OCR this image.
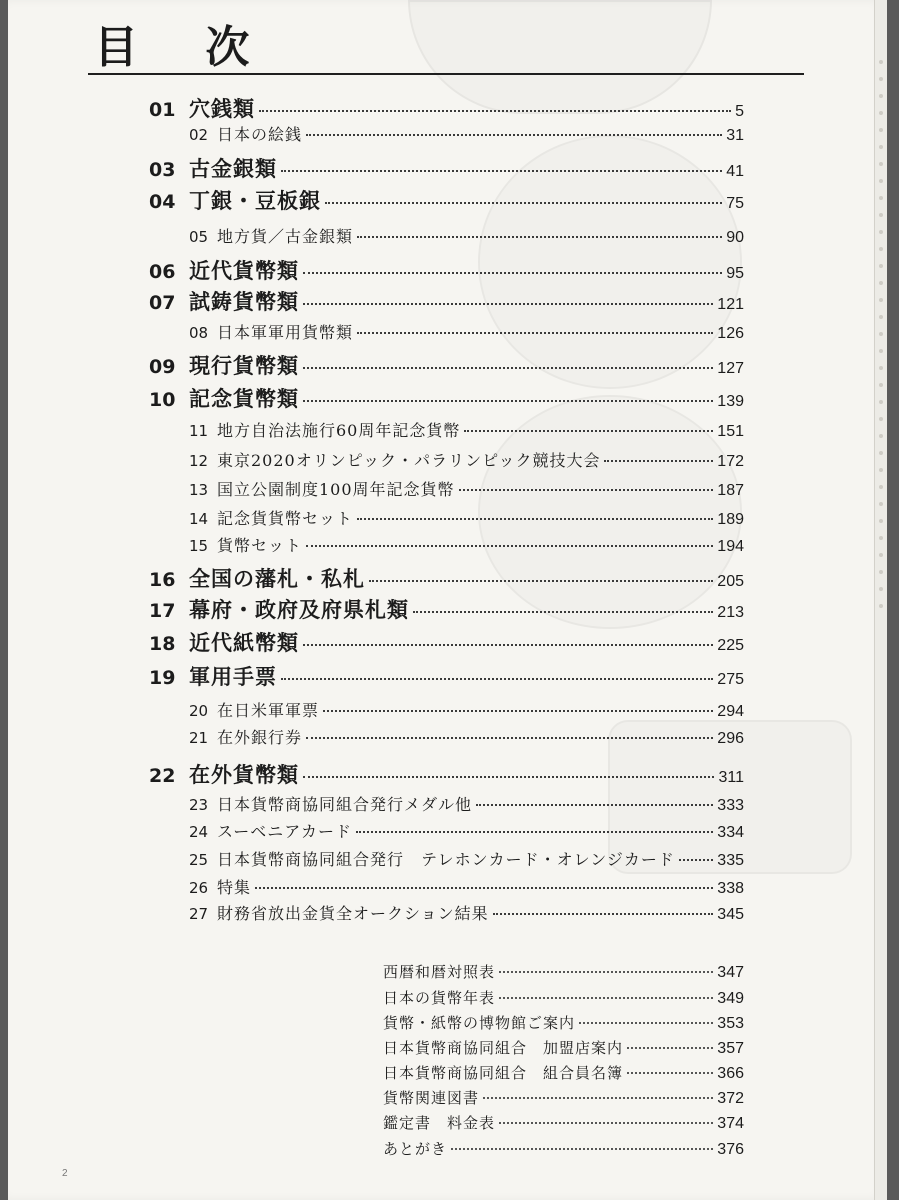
目 次
01 穴銭類	5
02 日本の絵銭	31
03 古金銀類	41
04 丁銀・豆板銀	75
05 地方貨／古金銀類	90
06 近代貨幣類	95
07 試鋳貨幣類	121
08 日本軍軍用貨幣類	126
09 現行貨幣類	127
10 記念貨幣類	139
11 地方自治法施行60周年記念貨幣	151
12 東京2020オリンピック・パラリンピック競技大会	172
13 国立公園制度100周年記念貨幣	187
14 記念貨貨幣セット	189
15 貨幣セット	194
16 全国の藩札・私札	205
17 幕府・政府及府県札類	213
18 近代紙幣類	225
19 軍用手票	275
20 在日米軍軍票	294
21 在外銀行券	296
22 在外貨幣類	311
23 日本貨幣商協同組合発行メダル他	333
24 スーベニアカード	334
25 日本貨幣商協同組合発行　テレホンカード・オレンジカード	335
26 特集	338
27 財務省放出金貨全オークション結果	345
西暦和暦対照表	347
日本の貨幣年表	349
貨幣・紙幣の博物館ご案内	353
日本貨幣商協同組合　加盟店案内	357
日本貨幣商協同組合　組合員名簿	366
貨幣関連図書	372
鑑定書　料金表	374
あとがき	376
2
